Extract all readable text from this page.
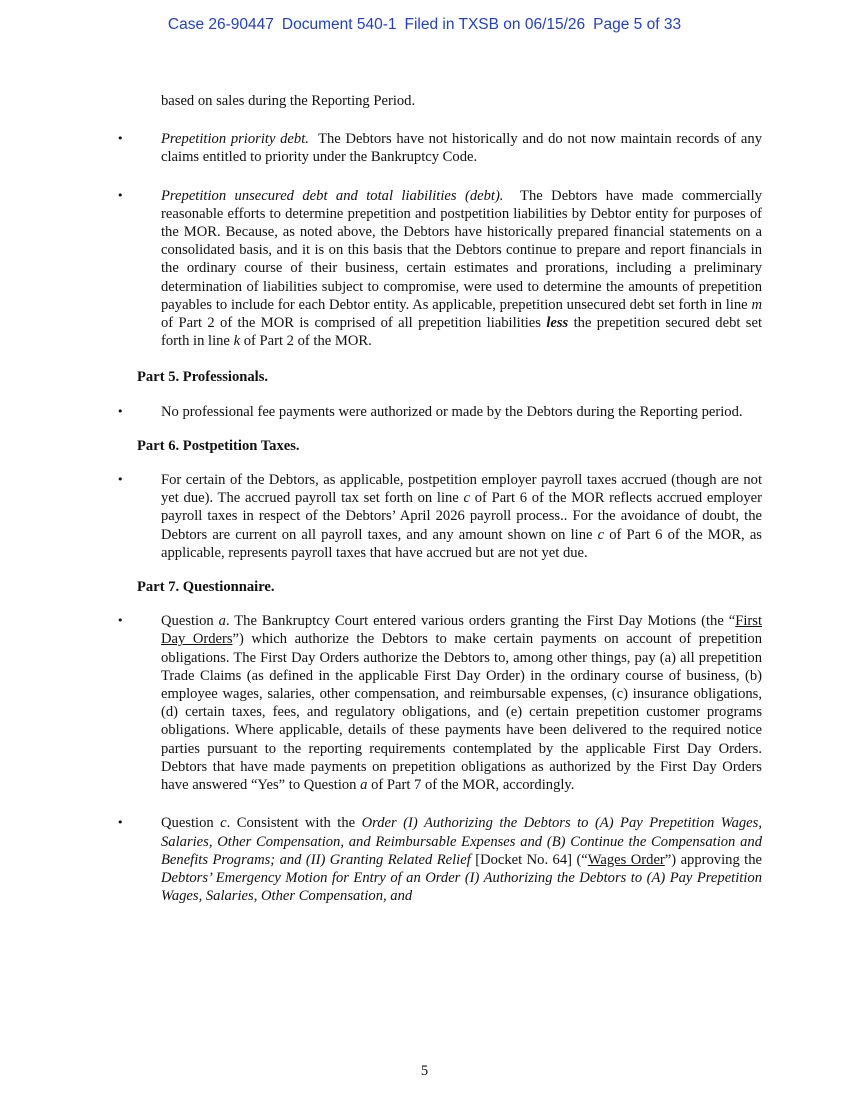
Case 26-90447 Document 540-1 Filed in TXSB on 06/15/26 Page 5 of 33

based on sales during the Reporting Period.

•	Prepetition priority debt. The Debtors have not historically and do not now maintain records of any claims entitled to priority under the Bankruptcy Code.
•	Prepetition unsecured debt and total liabilities (debt). The Debtors have made commercially reasonable efforts to determine prepetition and postpetition liabilities by Debtor entity for purposes of the MOR. Because, as noted above, the Debtors have historically prepared financial statements on a consolidated basis, and it is on this basis that the Debtors continue to prepare and report financials in the ordinary course of their business, certain estimates and prorations, including a preliminary determination of liabilities subject to compromise, were used to determine the amounts of prepetition payables to include for each Debtor entity. As applicable, prepetition unsecured debt set forth in line m of Part 2 of the MOR is comprised of all prepetition liabilities less the prepetition secured debt set forth in line k of Part 2 of the MOR.
Part 5. Professionals.
•	No professional fee payments were authorized or made by the Debtors during the Reporting period.
Part 6. Postpetition Taxes.
•	For certain of the Debtors, as applicable, postpetition employer payroll taxes accrued (though are not yet due). The accrued payroll tax set forth on line c of Part 6 of the MOR reflects accrued employer payroll taxes in respect of the Debtors’ April 2026 payroll process.. For the avoidance of doubt, the Debtors are current on all payroll taxes, and any amount shown on line c of Part 6 of the MOR, as applicable, represents payroll taxes that have accrued but are not yet due.
Part 7. Questionnaire.
•	Question a. The Bankruptcy Court entered various orders granting the First Day Motions (the “First Day Orders”) which authorize the Debtors to make certain payments on account of prepetition obligations. The First Day Orders authorize the Debtors to, among other things, pay (a) all prepetition Trade Claims (as defined in the applicable First Day Order) in the ordinary course of business, (b) employee wages, salaries, other compensation, and reimbursable expenses, (c) insurance obligations, (d) certain taxes, fees, and regulatory obligations, and (e) certain prepetition customer programs obligations. Where applicable, details of these payments have been delivered to the required notice parties pursuant to the reporting requirements contemplated by the applicable First Day Orders. Debtors that have made payments on prepetition obligations as authorized by the First Day Orders have answered “Yes” to Question a of Part 7 of the MOR, accordingly.
•	Question c. Consistent with the Order (I) Authorizing the Debtors to (A) Pay Prepetition Wages, Salaries, Other Compensation, and Reimbursable Expenses and (B) Continue the Compensation and Benefits Programs; and (II) Granting Related Relief [Docket No. 64] (“Wages Order”) approving the Debtors’ Emergency Motion for Entry of an Order (I) Authorizing the Debtors to (A) Pay Prepetition Wages, Salaries, Other Compensation, and
5
